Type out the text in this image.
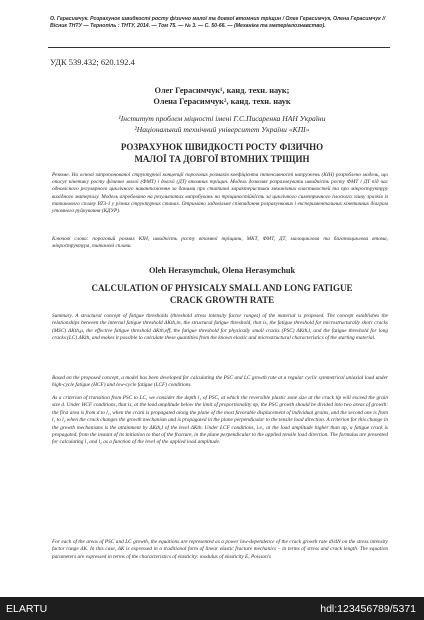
О. Герасимчук. Розрахунок швидкості росту фізично малої та довгої втомних тріщин / Олег Герасимчук, Олена Герасимчук // Вісник ТНТУ — Тернопіль : ТНТУ, 2014. — Том 75. — № 3. — С. 50-66. — (Механіка та матеріалознавство).
УДК 539.432; 620.192.4
Олег Герасимчук¹, канд. техн. наук;
Олена Герасимчук², канд. техн. наук
¹Інститут проблем міцності імені Г.С.Писаренка НАН України
²Національний технічний університет України «КПІ»
РОЗРАХУНОК ШВИДКОСТІ РОСТУ ФІЗИЧНО
МАЛОЇ ТА ДОВГОЇ ВТОМНИХ ТРІЩИН
Резюме. На основі запропонованої структурної концепції порогових розмахів коефіцієнта інтенсивності напружень (КІН) розроблено модель, що описує кінетику росту фізично малої (ФМТ) і довгої (ДТ) втомних тріщин. Модель дозволяє розраховувати швидкість росту ФМТ і ДТ під час одновісного регулярного циклічного навантаження за даними про статичні характеристики механічних властивостей та про мікроструктуру вихідного матеріалу. Модель апробовано на результатах випробувань на тріщиностійкість за циклічного симетричного плоского згину зразків із титанового сплаву ВТ3-1 у різних структурних станах. Отримано задовільне співпадання розрахункових і експериментальних кінетичних діаграм утомного руйнування (КДУР).
Ключові слова: пороговий розмах КІН, швидкість росту втомної тріщини, МКТ, ФМТ, ДТ, малоциклова та багатоциклова втома, мікроструктура, титанові сплави.
Oleh Herasymchuk, Olena Herasymchuk
CALCULATION OF PHYSICALY SMALL AND LONG FATIGUE
CRACK GROWTH RATE
Summary. A structural concept of fatigue thresholds (threshold stress intensity factor ranges) of the material is proposed. The concept establishes the relationships between the internal fatigue threshold ΔKth,in, the structural fatigue threshold, that is, the fatigue threshold for microstructurally short cracks (MSC) ΔKth,μ, the effective fatigue threshold ΔKth,eff, the fatigue threshold for physically small cracks (PSC) ΔKth,l, and the fatigue threshold for long cracks (LC) ΔKth, and makes it possible to calculate these quantities from the known elastic and microstructural characteristics of the starting material.
Based on the proposed concept, a model has been developed for calculating the PSC and LC growth rate at a regular cyclic symmetrical uniaxial load under high-cycle fatigue (HCF) and low-cycle fatigue (LCF) conditions.
As a criterion of transition from PSC to LC, we consider the depth l₁ of PSC, at which the reversible plastic zone size at the crack tip will exceed the grain size d. Under HCF conditions, that is, at the load amplitude below the limit of proportionality σp, the PSC growth should be divided into two areas of growth: the first area is from d to l₁, when the crack is propagated along the plane of the most favorable displacement of individual grains, and the second one is from l₁ to l₂ when the crack changes the growth mechanism and is propagated in the plane perpendicular to the tensile load direction. A criterion for this change in the growth mechanisms is the attainment by ΔKth,l of the level ΔKth. Under LCF conditions, i.e., at the load amplitude higher than σp, a fatigue crack is propagated, from the instant of its initiation to that of the fracture, in the plane perpendicular to the applied tensile load direction. The formulas are presented for calculating l₁ and l₂ as a function of the level of the applied load amplitude.
For each of the areas of PSC and LC growth, the equations are represented as a power law-dependence of the crack growth rate dl/dN on the stress intensity factor range ΔK. In this case, ΔK is expressed in a traditional form of linear elastic fracture mechanics – in terms of stress and crack length. The equation parameters are expressed in terms of the characteristics of elasticity: modulus of elasticity E, Poisson's
ELARTU	hdl:123456789/5371
